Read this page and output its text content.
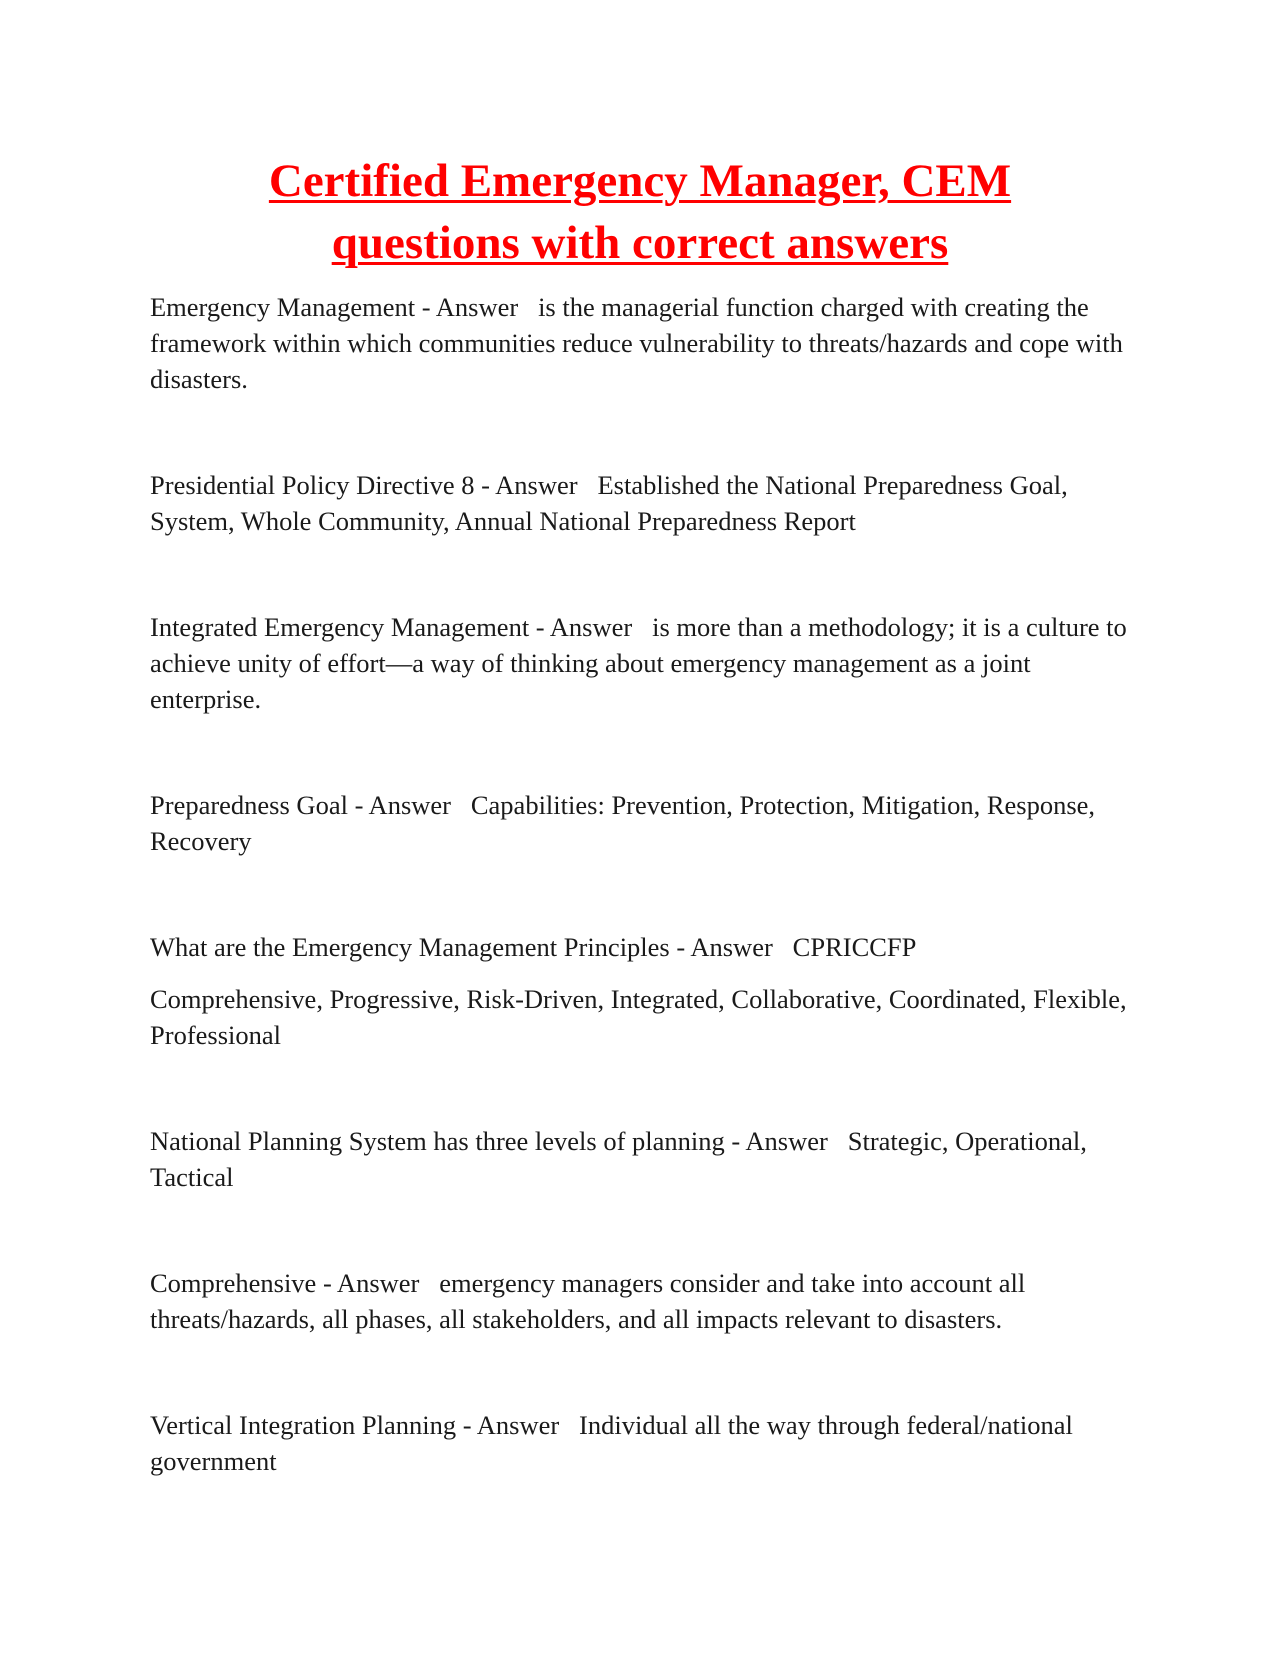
Certified Emergency Manager, CEM
questions with correct answers

Emergency Management - Answer is the managerial function charged with creating the framework within which communities reduce vulnerability to threats/hazards and cope with disasters.

Presidential Policy Directive 8 - Answer Established the National Preparedness Goal, System, Whole Community, Annual National Preparedness Report

Integrated Emergency Management - Answer is more than a methodology; it is a culture to achieve unity of effort—a way of thinking about emergency management as a joint enterprise.

Preparedness Goal - Answer Capabilities: Prevention, Protection, Mitigation, Response, Recovery

What are the Emergency Management Principles - Answer CPRICCFP

Comprehensive, Progressive, Risk-Driven, Integrated, Collaborative, Coordinated, Flexible, Professional

National Planning System has three levels of planning - Answer Strategic, Operational, Tactical

Comprehensive - Answer emergency managers consider and take into account all threats/hazards, all phases, all stakeholders, and all impacts relevant to disasters.

Vertical Integration Planning - Answer Individual all the way through federal/national government
